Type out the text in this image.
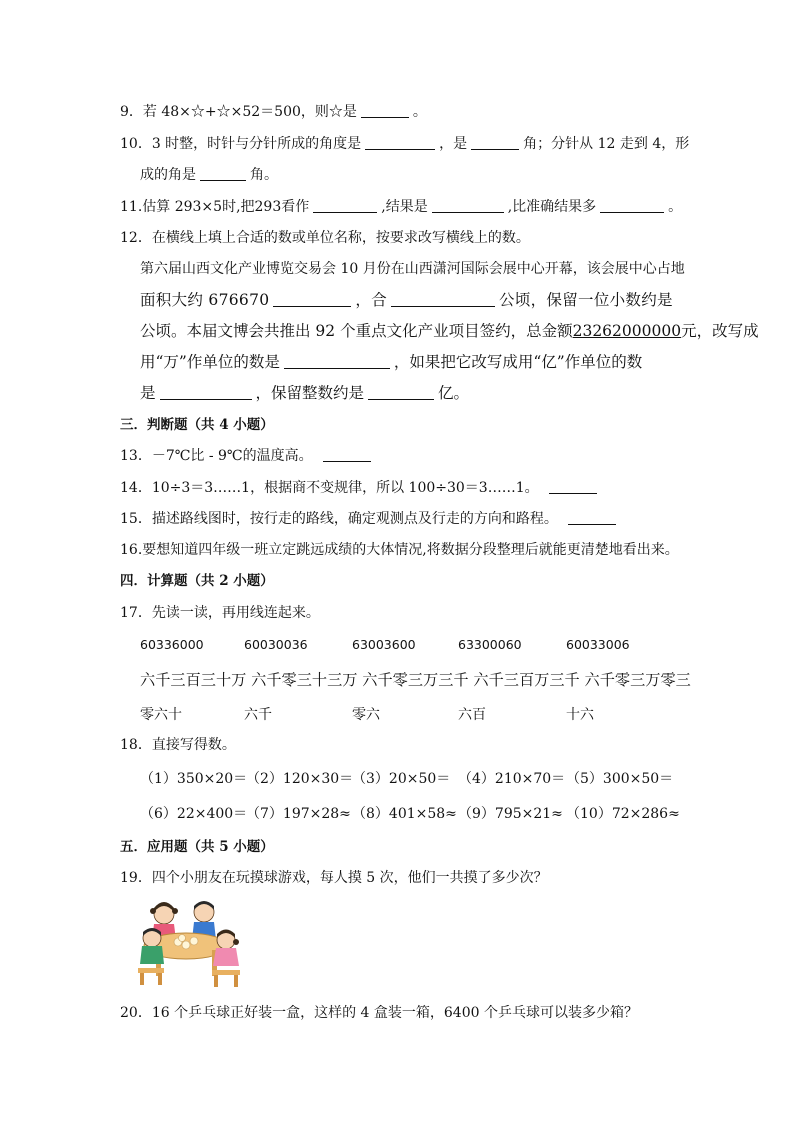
9．若 48×☆+☆×52＝500，则☆是	。
10．3 时整，时针与分针所成的角度是	，是	角；分针从 12 走到 4，形
成的角是	角。
11.估算 293×5时,把293看作	,结果是	,比准确结果多	。
12．在横线上填上合适的数或单位名称，按要求改写横线上的数。
第六届山西文化产业博览交易会 10 月份在山西潇河国际会展中心开幕，该会展中心占地
面积大约 676670	，合	公顷，保留一位小数约是
公顷。本届文博会共推出 92 个重点文化产业项目签约，总金额23262000000元，改写成
用“万”作单位的数是	，如果把它改写成用“亿”作单位的数
是	，保留整数约是	亿。
三．判断题（共 4 小题）
13．－7℃比 - 9℃的温度高。
14．10÷3＝3……1，根据商不变规律，所以 100÷30＝3……1。
15．描述路线图时，按行走的路线，确定观测点及行走的方向和路程。
16.要想知道四年级一班立定跳远成绩的大体情况,将数据分段整理后就能更清楚地看出来。
四．计算题（共 2 小题）
17．先读一读，再用线连起来。
60336000	60030036	63003600	63300060	60033006
六千三百三十万 六千零三十三万 六千零三万三千 六千三百万三千 六千零三万零三
零六十	六千	零六	六百	十六
18．直接写得数。
（1）350×20＝
（2）120×30＝
（3）20×50＝ （4）210×70＝ （5）300×50＝
（6）22×400＝
（7）197×28≈ （8）401×58≈ （9）795×21≈ （10）72×286≈
五．应用题（共 5 小题）
19．四个小朋友在玩摸球游戏，每人摸 5 次，他们一共摸了多少次？
20．16 个乒乓球正好装一盒，这样的 4 盒装一箱，6400 个乒乓球可以装多少箱？
